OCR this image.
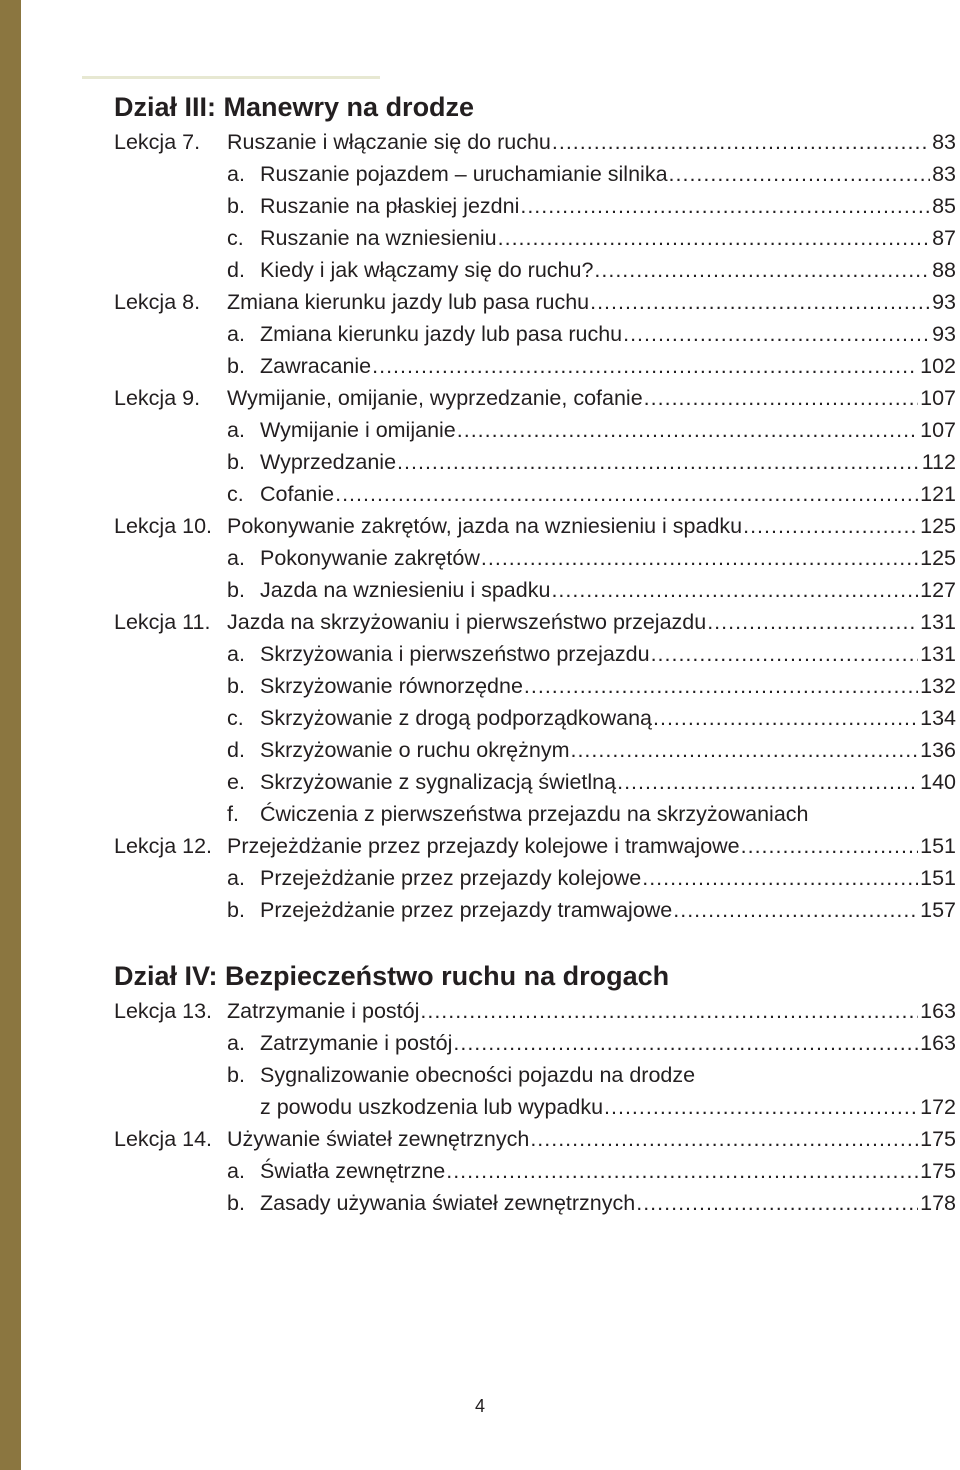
Dział III: Manewry na drodze
Lekcja 7.	Ruszanie i włączanie się do ruchu .....	83
a. Ruszanie pojazdem – uruchamianie silnika .....	83
b. Ruszanie na płaskiej jezdni .....	85
c. Ruszanie na wzniesieniu .....	87
d. Kiedy i jak włączamy się do ruchu? .....	88
Lekcja 8.	Zmiana kierunku jazdy lub pasa ruchu .....	93
a. Zmiana kierunku jazdy lub pasa ruchu .....	93
b. Zawracanie .....	102
Lekcja 9.	Wymijanie, omijanie, wyprzedzanie, cofanie .....	107
a. Wymijanie i omijanie .....	107
b. Wyprzedzanie .....	112
c. Cofanie .....	121
Lekcja 10. Pokonywanie zakrętów, jazda na wzniesieniu i spadku .....	125
a. Pokonywanie zakrętów .....	125
b. Jazda na wzniesieniu i spadku .....	127
Lekcja 11. Jazda na skrzyżowaniu i pierwszeństwo przejazdu .....	131
a. Skrzyżowania i pierwszeństwo przejazdu .....	131
b. Skrzyżowanie równorzędne .....	132
c. Skrzyżowanie z drogą podporządkowaną .....	134
d. Skrzyżowanie o ruchu okrężnym .....	136
e. Skrzyżowanie z sygnalizacją świetlną .....	140
f. Ćwiczenia z pierwszeństwa przejazdu na skrzyżowaniach
Lekcja 12. Przejeżdżanie przez przejazdy kolejowe i tramwajowe .....	151
a. Przejeżdżanie przez przejazdy kolejowe .....	151
b. Przejeżdżanie przez przejazdy tramwajowe .....	157
Dział IV: Bezpieczeństwo ruchu na drogach
Lekcja 13. Zatrzymanie i postój .....	163
a. Zatrzymanie i postój .....	163
b. Sygnalizowanie obecności pojazdu na drodze
z powodu uszkodzenia lub wypadku .....	172
Lekcja 14. Używanie świateł zewnętrznych .....	175
a. Światła zewnętrzne .....	175
b. Zasady używania świateł zewnętrznych .....	178
4
